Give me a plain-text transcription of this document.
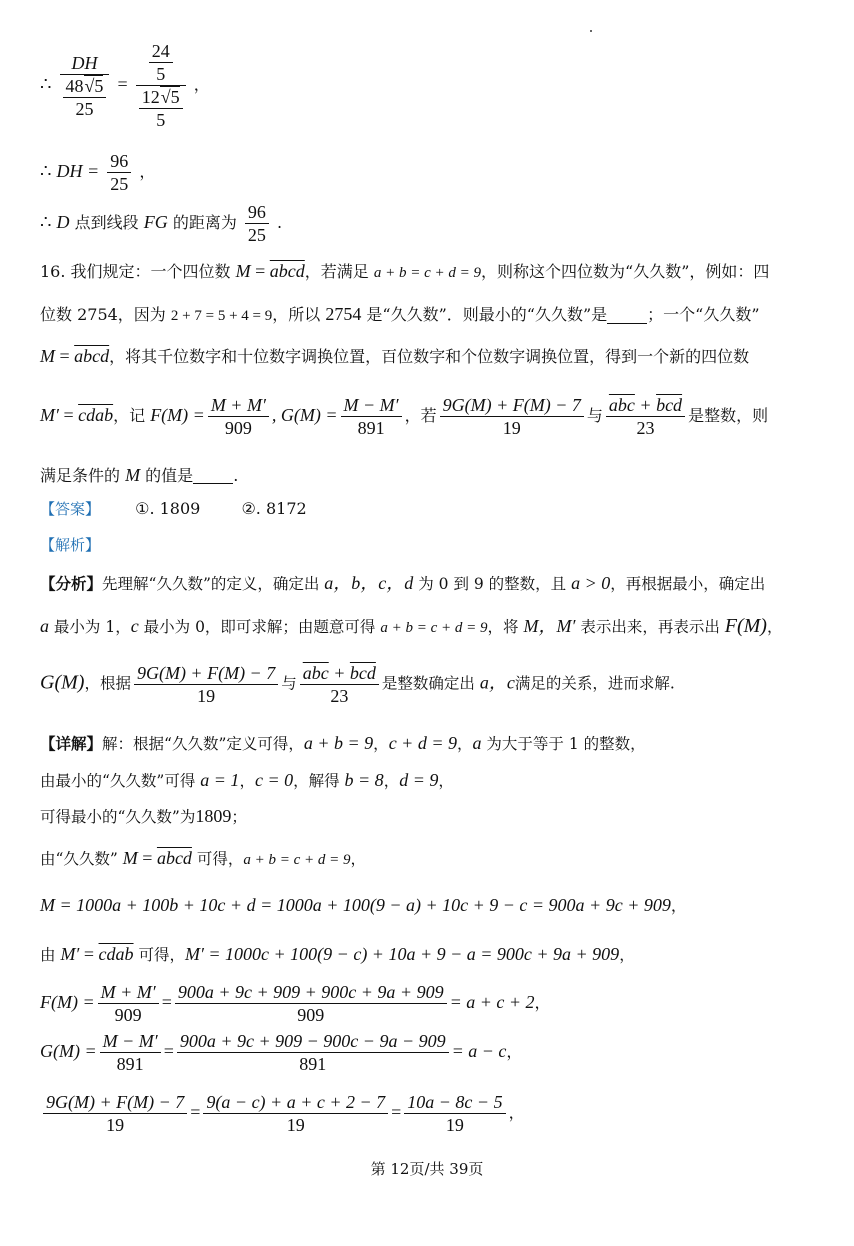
∴ $\frac{DH}{\frac{48√5}{25}} = \frac{\frac{24}{5}}{\frac{12√5}{5}}$ ，
∴ DH = $\frac{96}{25}$ ，
∴ D 点到线段 FG 的距离为 $\frac{96}{25}$ .
16. 我们规定：一个四位数 M = abcd，若满足 a + b = c + d = 9，则称这个四位数为“久久数”，例如：四
位数 2754，因为 2 + 7 = 5 + 4 = 9，所以 2754 是“久久数”．则最小的“久久数”是	；一个“久久数”
M = abcd，将其千位数字和十位数字调换位置，百位数字和个位数字调换位置，得到一个新的四位数
M′ = cdab，记 $F(M) = \frac{M + M'}{909}$ , $G(M) = \frac{M - M'}{891}$ ，若 $\frac{9G(M) + F(M) - 7}{19}$ 与 $\frac{\overline{abc} + \overline{bcd}}{23}$ 是整数，则
满足条件的 M 的值是	.
【答案】 ①. 1809	②. 8172
【解析】
【分析】先理解“久久数”的定义，确定出 a，b，c，d 为 0 到 9 的整数，且 a > 0，再根据最小，确定出
a 最小为 1，c 最小为 0，即可求解；由题意可得 a + b = c + d = 9，将 M，M′ 表示出来，再表示出 F(M)，
G(M)，根据 $\frac{9G(M) + F(M) - 7}{19}$ 与 $\frac{\overline{abc} + \overline{bcd}}{23}$ 是整数确定出 a，c满足的关系，进而求解.
【详解】解：根据“久久数”定义可得，a + b = 9，c + d = 9，a 为大于等于 1 的整数，
由最小的“久久数”可得 a = 1，c = 0，解得 b = 8，d = 9，
可得最小的“久久数”为1809；
由“久久数” M = abcd 可得，a + b = c + d = 9，
M = 1000a + 100b + 10c + d = 1000a + 100(9 − a) + 10c + 9 − c = 900a + 9c + 909，
由 M′ = cdab 可得，M′ = 1000c + 100(9 − c) + 10a + 9 − a = 900c + 9a + 909，
$F(M) = \frac{M + M'}{909} = \frac{900a + 9c + 909 + 900c + 9a + 909}{909} = a + c + 2$，
$G(M) = \frac{M - M'}{891} = \frac{900a + 9c + 909 - 900c - 9a - 909}{891} = a - c$，
$\frac{9G(M) + F(M) - 7}{19} = \frac{9(a - c) + a + c + 2 - 7}{19} = \frac{10a - 8c - 5}{19}$ ，
第 12页/共 39页
